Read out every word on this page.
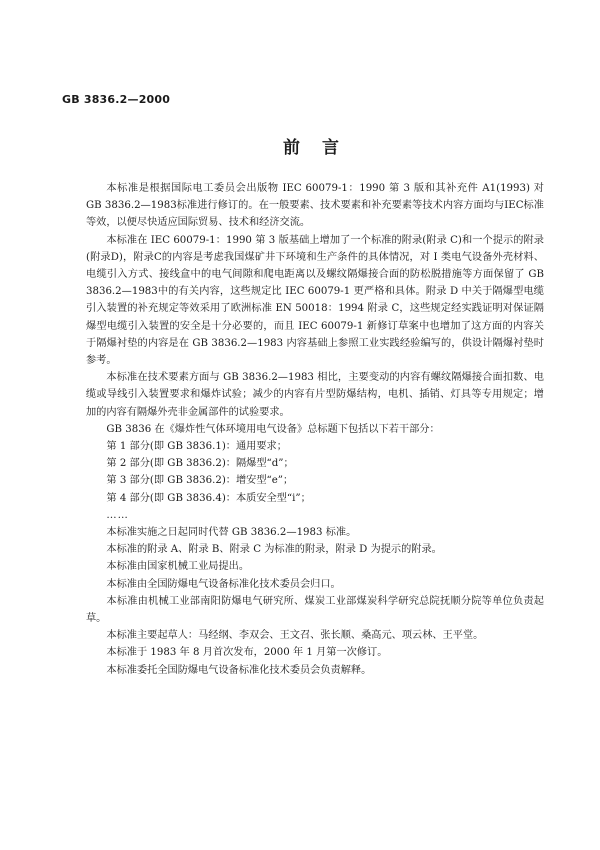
GB 3836.2—2000
前言

本标准是根据国际电工委员会出版物 IEC 60079-1：1990 第 3 版和其补充件 A1(1993) 对 GB 3836.2—1983标准进行修订的。在一般要素、技术要素和补充要素等技术内容方面均与IEC标准等效，以便尽快适应国际贸易、技术和经济交流。

本标准在 IEC 60079-1：1990 第 3 版基础上增加了一个标准的附录(附录 C)和一个提示的附录(附录D)，附录C的内容是考虑我国煤矿井下环境和生产条件的具体情况，对 I 类电气设备外壳材料、电缆引入方式、接线盒中的电气间隙和爬电距离以及螺纹隔爆接合面的防松脱措施等方面保留了 GB 3836.2—1983中的有关内容，这些规定比 IEC 60079-1 更严格和具体。附录 D 中关于隔爆型电缆引入装置的补充规定等效采用了欧洲标准 EN 50018：1994 附录 C，这些规定经实践证明对保证隔爆型电缆引入装置的安全是十分必要的，而且 IEC 60079-1 新修订草案中也增加了这方面的内容关于隔爆衬垫的内容是在 GB 3836.2—1983 内容基础上参照工业实践经验编写的，供设计隔爆衬垫时参考。

本标准在技术要素方面与 GB 3836.2—1983 相比，主要变动的内容有螺纹隔爆接合面扣数、电缆或导线引入装置要求和爆炸试验；减少的内容有片型防爆结构，电机、插销、灯具等专用规定；增加的内容有隔爆外壳非金属部件的试验要求。

GB 3836 在《爆炸性气体环境用电气设备》总标题下包括以下若干部分：

第 1 部分(即 GB 3836.1)：通用要求；

第 2 部分(即 GB 3836.2)：隔爆型“d”；

第 3 部分(即 GB 3836.2)：增安型“e”；

第 4 部分(即 GB 3836.4)：本质安全型“i”；

……

本标准实施之日起同时代替 GB 3836.2—1983 标准。

本标准的附录 A、附录 B、附录 C 为标准的附录，附录 D 为提示的附录。

本标准由国家机械工业局提出。

本标准由全国防爆电气设备标准化技术委员会归口。

本标准由机械工业部南阳防爆电气研究所、煤炭工业部煤炭科学研究总院抚顺分院等单位负责起草。

本标准主要起草人：马经纲、李双会、王文召、张长顺、桑高元、项云林、王平堂。

本标准于 1983 年 8 月首次发布，2000 年 1 月第一次修订。

本标准委托全国防爆电气设备标准化技术委员会负责解释。
